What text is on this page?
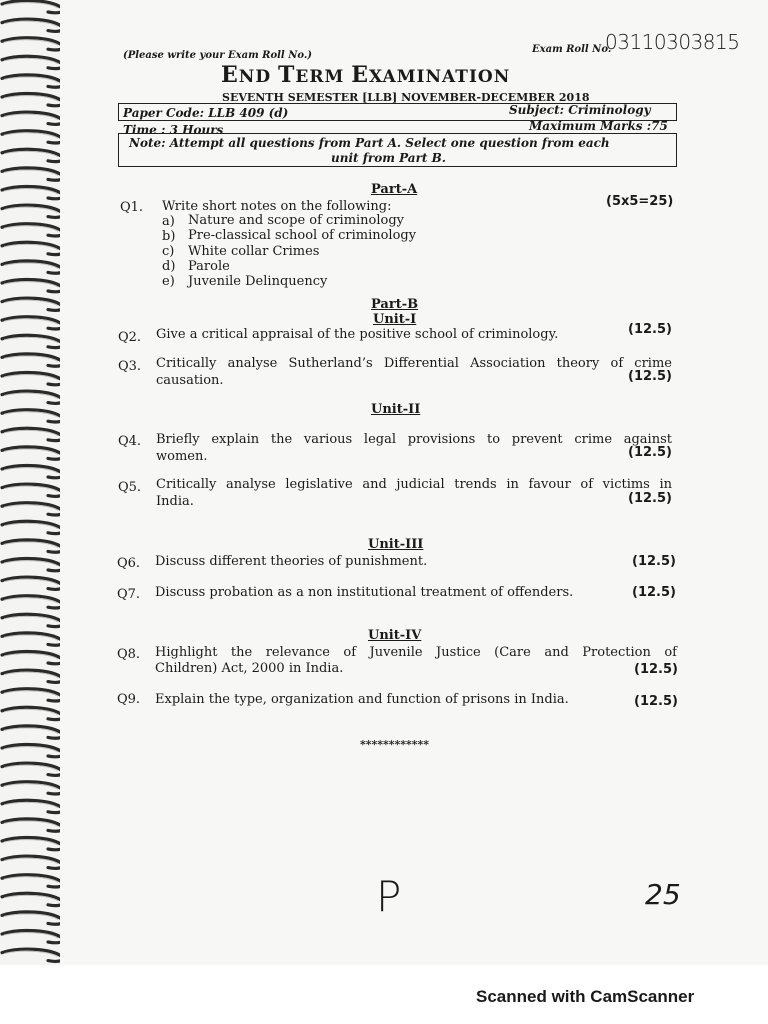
(Please write your Exam Roll No.)
Exam Roll No.
03110303815
END TERM EXAMINATION
SEVENTH SEMESTER [LLB] NOVEMBER-DECEMBER 2018
Paper Code: LLB 409 (d)	Subject: Criminology
Time : 3 Hours	Maximum Marks :75
Note: Attempt all questions from Part A. Select one question from each
unit from Part B.
Part-A
Q1. Write short notes on the following:	(5x5=25)
a) Nature and scope of criminology
b) Pre-classical school of criminology
c) White collar Crimes
d) Parole
e) Juvenile Delinquency
Part-B
Unit-I
Q2. Give a critical appraisal of the positive school of criminology.	(12.5)
Q3. Critically analyse Sutherland’s Differential Association theory of crime
causation.	(12.5)
Unit-II
Q4. Briefly explain the various legal provisions to prevent crime against
women.	(12.5)
Q5. Critically analyse legislative and judicial trends in favour of victims in
India.	(12.5)
Unit-III
Q6. Discuss different theories of punishment.	(12.5)
Q7. Discuss probation as a non institutional treatment of offenders.	(12.5)
Unit-IV
Q8. Highlight the relevance of Juvenile Justice (Care and Protection of
Children) Act, 2000 in India.	(12.5)
Q9. Explain the type, organization and function of prisons in India.	(12.5)
************
P	25
Scanned with CamScanner
